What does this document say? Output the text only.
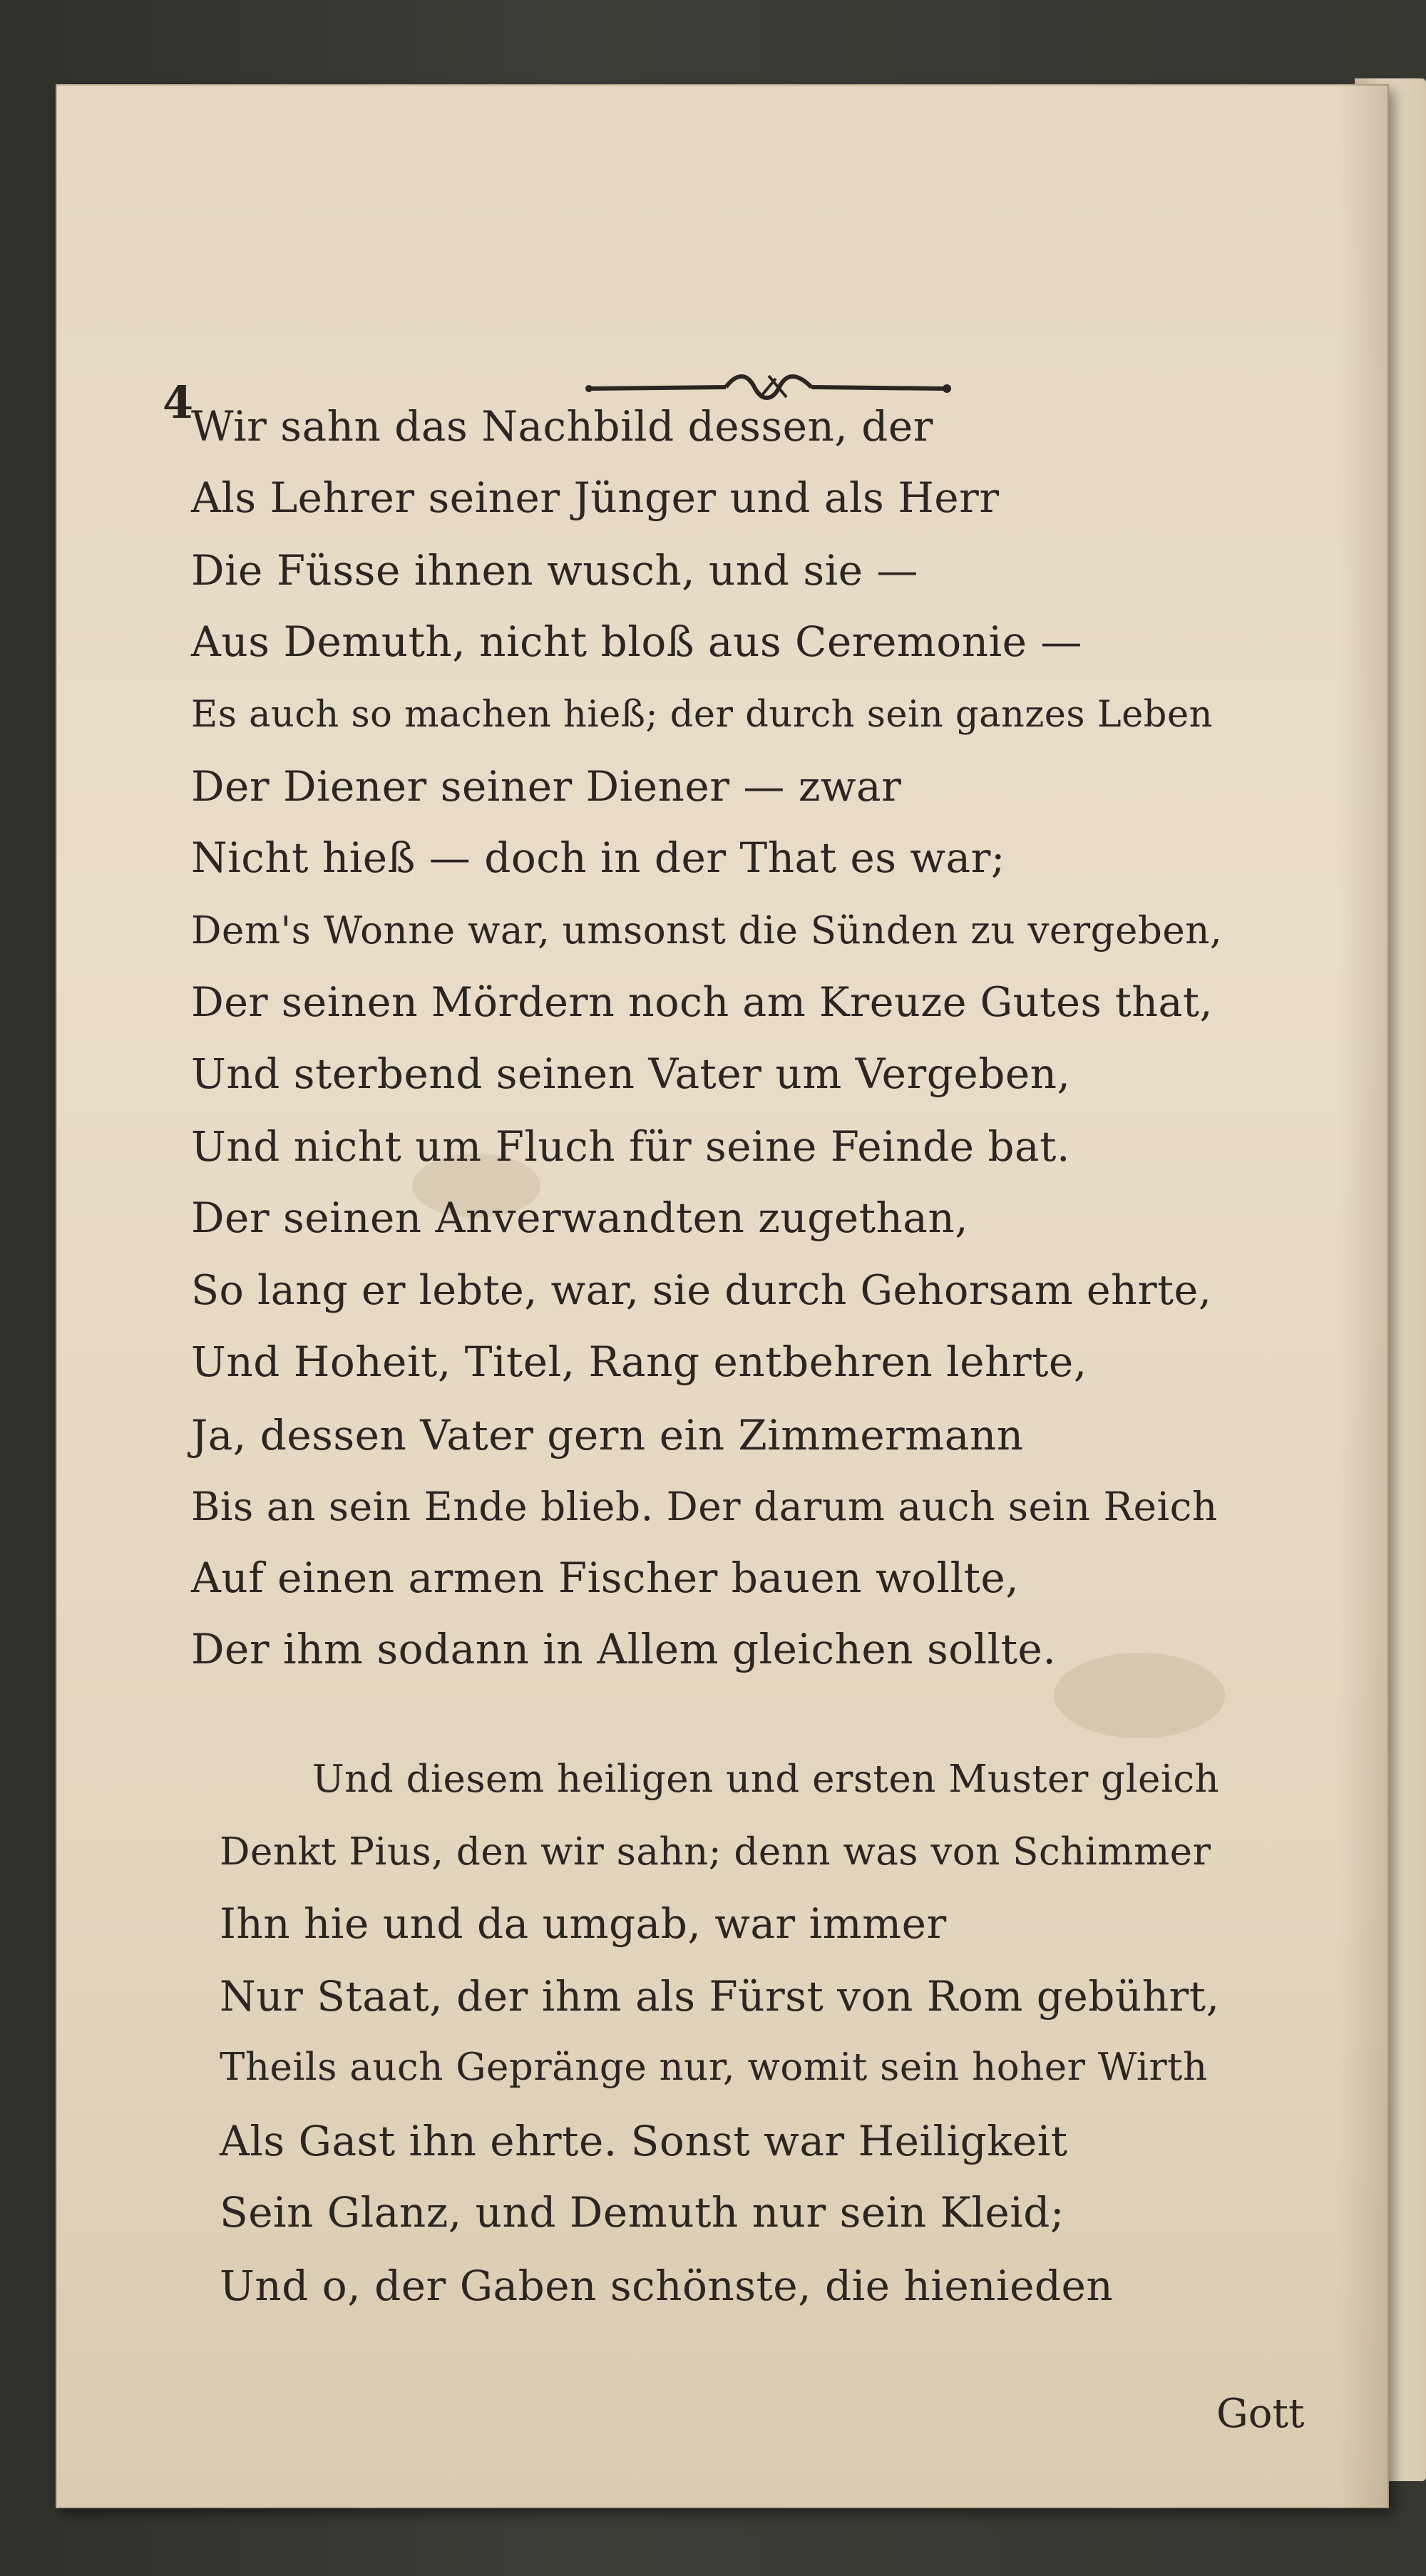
4
Wir sahn das Nachbild dessen, der
Als Lehrer seiner Jünger und als Herr
Die Füsse ihnen wusch, und sie —
Aus Demuth, nicht bloß aus Ceremonie —
Es auch so machen hieß; der durch sein ganzes Leben
Der Diener seiner Diener — zwar
Nicht hieß — doch in der That es war;
Dem's Wonne war, umsonst die Sünden zu vergeben,
Der seinen Mördern noch am Kreuze Gutes that,
Und sterbend seinen Vater um Vergeben,
Und nicht um Fluch für seine Feinde bat.
Der seinen Anverwandten zugethan,
So lang er lebte, war, sie durch Gehorsam ehrte,
Und Hoheit, Titel, Rang entbehren lehrte,
Ja, dessen Vater gern ein Zimmermann
Bis an sein Ende blieb. Der darum auch sein Reich
Auf einen armen Fischer bauen wollte,
Der ihm sodann in Allem gleichen sollte.
Und diesem heiligen und ersten Muster gleich
Denkt Pius, den wir sahn; denn was von Schimmer
Ihn hie und da umgab, war immer
Nur Staat, der ihm als Fürst von Rom gebührt,
Theils auch Gepränge nur, womit sein hoher Wirth
Als Gast ihn ehrte. Sonst war Heiligkeit
Sein Glanz, und Demuth nur sein Kleid;
Und o, der Gaben schönste, die hienieden
Gott
